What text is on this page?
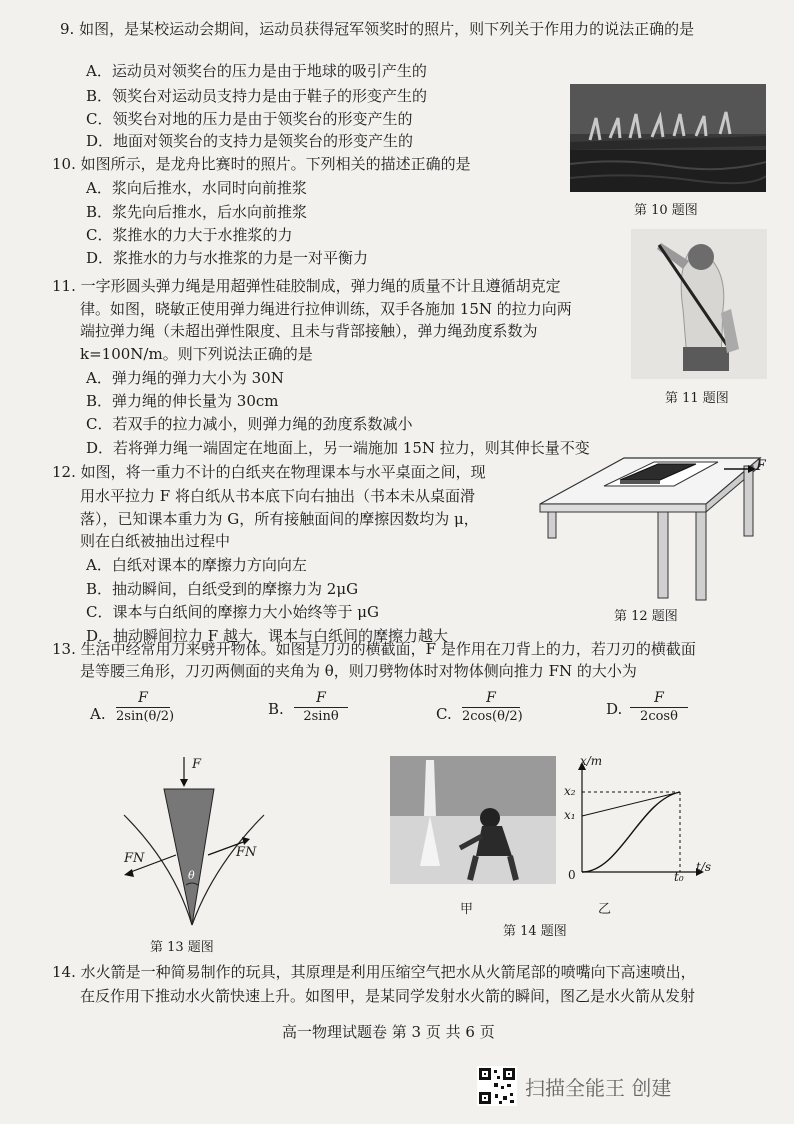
9. 如图，是某校运动会期间，运动员获得冠军领奖时的照片，则下列关于作用力的说法正确的是
A．运动员对领奖台的压力是由于地球的吸引产生的
B．领奖台对运动员支持力是由于鞋子的形变产生的
C．领奖台对地的压力是由于领奖台的形变产生的
D．地面对领奖台的支持力是领奖台的形变产生的
10. 如图所示，是龙舟比赛时的照片。下列相关的描述正确的是
A．浆向后推水，水同时向前推浆
B．浆先向后推水，后水向前推浆
C．浆推水的力大于水推浆的力
D．浆推水的力与水推浆的力是一对平衡力
第 10 题图
11. 一字形圆头弹力绳是用超弹性硅胶制成，弹力绳的质量不计且遵循胡克定
律。如图，晓敏正使用弹力绳进行拉伸训练，双手各施加 15N 的拉力向两
端拉弹力绳（未超出弹性限度、且未与背部接触），弹力绳劲度系数为
k=100N/m。则下列说法正确的是
A．弹力绳的弹力大小为 30N
B．弹力绳的伸长量为 30cm
C．若双手的拉力减小，则弹力绳的劲度系数减小
D．若将弹力绳一端固定在地面上，另一端施加 15N 拉力，则其伸长量不变
第 11 题图
12. 如图，将一重力不计的白纸夹在物理课本与水平桌面之间，现
用水平拉力 F 将白纸从书本底下向右抽出（书本未从桌面滑
落），已知课本重力为 G，所有接触面间的摩擦因数均为 μ，
则在白纸被抽出过程中
A．白纸对课本的摩擦力方向向左
B．抽动瞬间，白纸受到的摩擦力为 2μG
C．课本与白纸间的摩擦力大小始终等于 μG
D．抽动瞬间拉力 F 越大，课本与白纸间的摩擦力越大
F
第 12 题图
13. 生活中经常用刀来劈开物体。如图是刀刃的横截面，F 是作用在刀背上的力，若刀刃的横截面
是等腰三角形，刀刃两侧面的夹角为 θ，则刀劈物体时对物体侧向推力 FN 的大小为
A.
F
2sin(θ/2)	B.
F
2sinθ	C.
F
2cos(θ/2)	D.
F
2cosθ
F
FN	FN
θ
第 13 题图
甲
x/m
t/s
0
x₂
x₁
t₀
乙
第 14 题图
14. 水火箭是一种简易制作的玩具，其原理是利用压缩空气把水从火箭尾部的喷嘴向下高速喷出，
在反作用下推动水火箭快速上升。如图甲，是某同学发射水火箭的瞬间，图乙是水火箭从发射
高一物理试题卷 第 3 页 共 6 页
扫描全能王 创建
